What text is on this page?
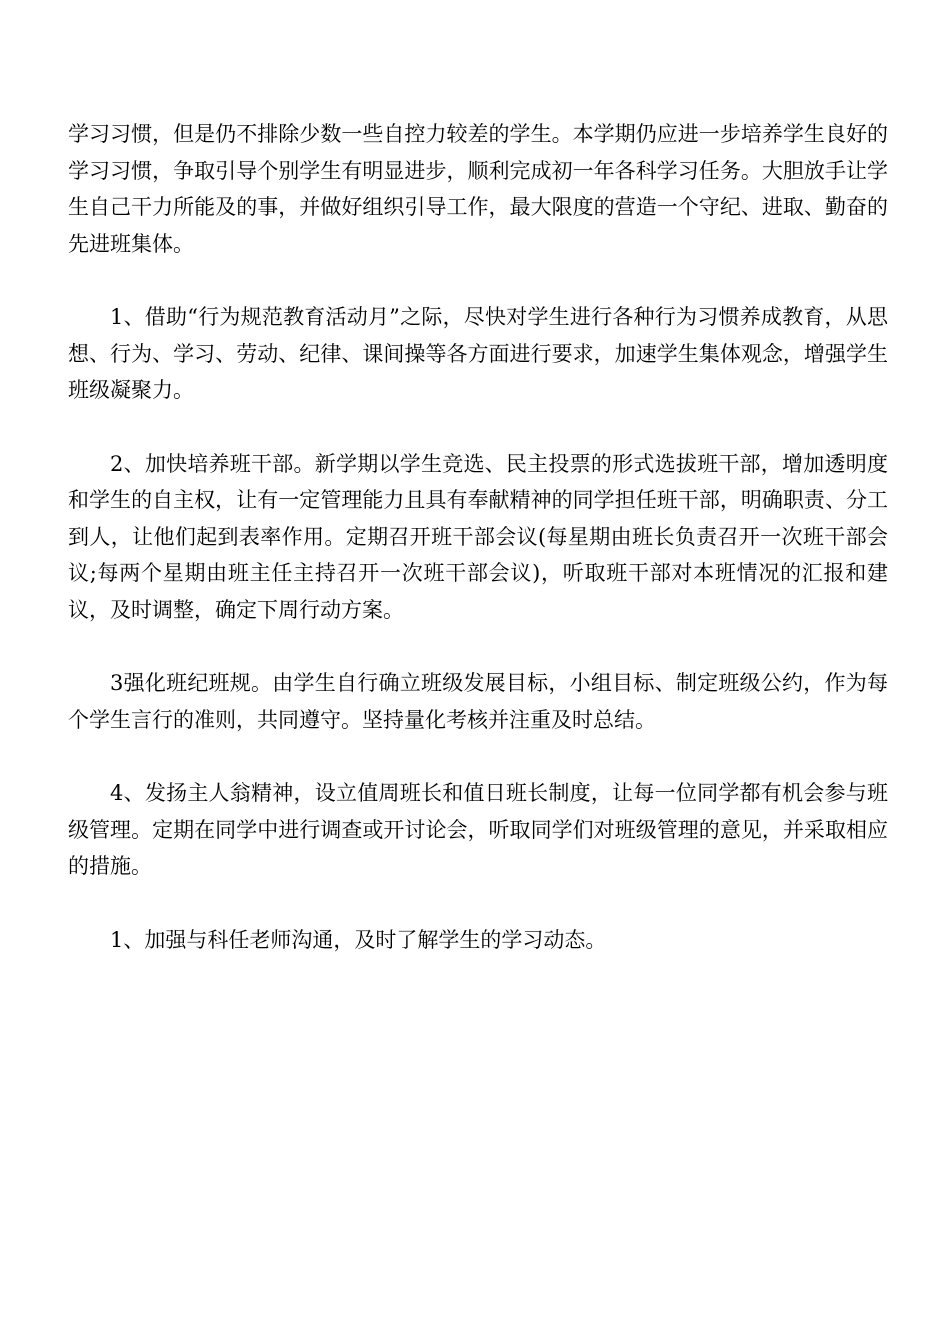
学习习惯，但是仍不排除少数一些自控力较差的学生。本学期仍应进一步培养学生良好的学习习惯，争取引导个别学生有明显进步，顺利完成初一年各科学习任务。大胆放手让学生自己干力所能及的事，并做好组织引导工作，最大限度的营造一个守纪、进取、勤奋的先进班集体。

1、借助“行为规范教育活动月”之际，尽快对学生进行各种行为习惯养成教育，从思想、行为、学习、劳动、纪律、课间操等各方面进行要求，加速学生集体观念，增强学生班级凝聚力。

2、加快培养班干部。新学期以学生竞选、民主投票的形式选拔班干部，增加透明度和学生的自主权，让有一定管理能力且具有奉献精神的同学担任班干部，明确职责、分工到人，让他们起到表率作用。定期召开班干部会议(每星期由班长负责召开一次班干部会议;每两个星期由班主任主持召开一次班干部会议)，听取班干部对本班情况的汇报和建议，及时调整，确定下周行动方案。

3强化班纪班规。由学生自行确立班级发展目标，小组目标、制定班级公约，作为每个学生言行的准则，共同遵守。坚持量化考核并注重及时总结。

4、发扬主人翁精神，设立值周班长和值日班长制度，让每一位同学都有机会参与班级管理。定期在同学中进行调查或开讨论会，听取同学们对班级管理的意见，并采取相应的措施。

1、加强与科任老师沟通，及时了解学生的学习动态。
